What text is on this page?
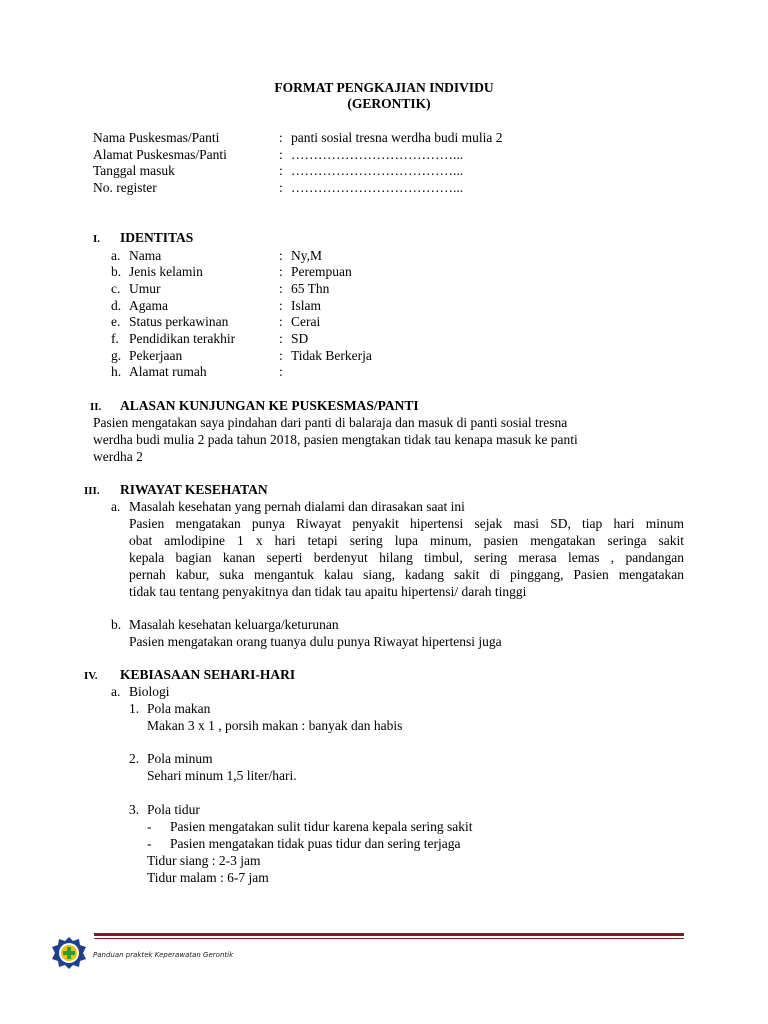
FORMAT PENGKAJIAN INDIVIDU
(GERONTIK)
Nama Puskesmas/Panti	: panti sosial tresna werdha budi mulia 2
Alamat Puskesmas/Panti	: ………………………………...
Tanggal masuk	: ………………………………...
No. register	: ………………………………...
I. IDENTITAS
a. Nama	: Ny,M
b. Jenis kelamin	: Perempuan
c. Umur	: 65 Thn
d. Agama	: Islam
e. Status perkawinan	: Cerai
f. Pendidikan terakhir	: SD
g. Pekerjaan	: Tidak Berkerja
h. Alamat rumah	:
II. ALASAN KUNJUNGAN KE PUSKESMAS/PANTI
Pasien mengatakan saya pindahan dari panti di balaraja dan masuk di panti sosial tresna
werdha budi mulia 2 pada tahun 2018, pasien mengtakan tidak tau kenapa masuk ke panti
werdha 2
III. RIWAYAT KESEHATAN
a. Masalah kesehatan yang pernah dialami dan dirasakan saat ini
Pasien mengatakan punya Riwayat penyakit hipertensi sejak masi SD, tiap hari minum
obat amlodipine 1 x hari tetapi sering lupa minum, pasien mengatakan seringa sakit
kepala bagian kanan seperti berdenyut hilang timbul, sering merasa lemas , pandangan
pernah kabur, suka mengantuk kalau siang, kadang sakit di pinggang, Pasien mengatakan
tidak tau tentang penyakitnya dan tidak tau apaitu hipertensi/ darah tinggi
b. Masalah kesehatan keluarga/keturunan
Pasien mengatakan orang tuanya dulu punya Riwayat hipertensi juga
IV. KEBIASAAN SEHARI-HARI
a. Biologi
1. Pola makan
Makan 3 x 1 , porsih makan : banyak dan habis
2. Pola minum
Sehari minum 1,5 liter/hari.
3. Pola tidur
- Pasien mengatakan sulit tidur karena kepala sering sakit
- Pasien mengatakan tidak puas tidur dan sering terjaga
Tidur siang : 2-3 jam
Tidur malam : 6-7 jam
Panduan praktek Keperawatan Gerontik
